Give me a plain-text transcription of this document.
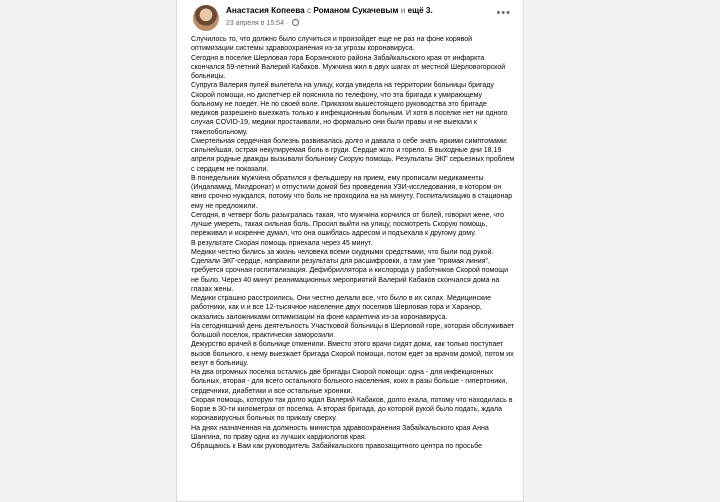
Анастасия Копеева с Романом Сукачевым и ещё 3.
23 апреля в 15:54 ·
•••

Случилось то, что должно было случиться и произойдет еще не раз на фоне корявой оптимизации системы здравоохранения из-за угрозы коронавируса.

Сегодня в поселке Шерловая гора Борзинского района Забайкальского края от инфаркта скончался 59-летний Валерий Кабаков. Мужчина жил в двух шагах от местной Шерловогорской больницы.

Супруга Валерия пулей вылетела на улицу, когда увидела на территории больницы бригаду Скорой помощи, но диспетчер ей пояснила по телефону, что эта бригада к умирающему больному не поедет. Не по своей воле. Приказом вышестоящего руководства это бригаде медиков разрешено выезжать только к инфекционным больным. И хотя в поселке нет ни одного случая COVID-19, медики простаивали, но формально они были правы и не выехали к тяжелобольному.

Смертельная сердечная болезнь развивалась долго и давала о себе знать яркими симптомами: сильнейшая, острая некупируемая боль в груди. Сердце жгло и горело. В выходные дни 18,19 апреля родные дважды вызывали больному Скорую помощь. Результаты ЭКГ серьезных проблем с сердцем не показали.

В понедельник мужчина обратился к фельдшеру на прием, ему прописали медикаменты (Индапамид, Милдронат) и отпустили домой без проведения УЗИ-исследования, в котором он явно срочно нуждался, потому что боль не проходила на на минуту. Госпитализацию в стационар ему не предложили.

Сегодня, в четверг боль разыгралась такая, что мужчина корчился от болей, говорил жене, что лучше умереть, такая сильная боль. Просил выйти на улицу, посмотреть Скорую помощь, переживал и искренне думал, что она ошиблась адресом и подъехала к другому дому.

В результате Скорая помощь приехала через 45 минут.

Медики честно бились за жизнь человека всеми скудными средствами, что были под рукой. Сделали ЭКГ-сердце, направили результаты для расшифровки, а там уже "прямая линия", требуется срочная госпитализация. Дефибриллятора и кислорода у работников Скорой помощи не было. Через 40 минут реанимационных мероприятий Валерий Кабаков скончался дома на глазах жены.

Медики страшно расстроились. Они честно делали все, что было в их силах. Медицинские работники, как и и все 12-тысячное население двух поселков Шерловая гора и Харанор, оказались заложниками оптимизации на фоне карантина из-за коронавируса.

На сегодняшний день деятельность Участковой больницы в Шерловой горе, которая обслуживает большой поселок, практически заморозили.

Дежурство врачей в больнице отменили. Вместо этого врачи сидят дома, как только поступает вызов больного, к нему выезжает бригада Скорой помощи, потом едет за врачом домой, потом их везут в больницу.

На два огромных поселка остались две бригады Скорой помощи: одна - для инфекционных больных, вторая - для всего остального больного населения, коих в разы больше - гипертоники, сердечники, диабетики и все остальные хроники.

Скорая помощь, которую так долго ждал Валерий Кабаков, долго ехала, потому что находилась в Борзе в 30-ти километрах от поселка. А вторая бригада, до которой рукой было подать, ждала коронавирусных больных по приказу сверху.

На днях назначенная на должность министра здравоохранения Забайкальского края Анна Шангина, по праву одна из лучших кардиологов края.

Обращаюсь к Вам как руководитель Забайкальского правозащитного центра по просьбе
